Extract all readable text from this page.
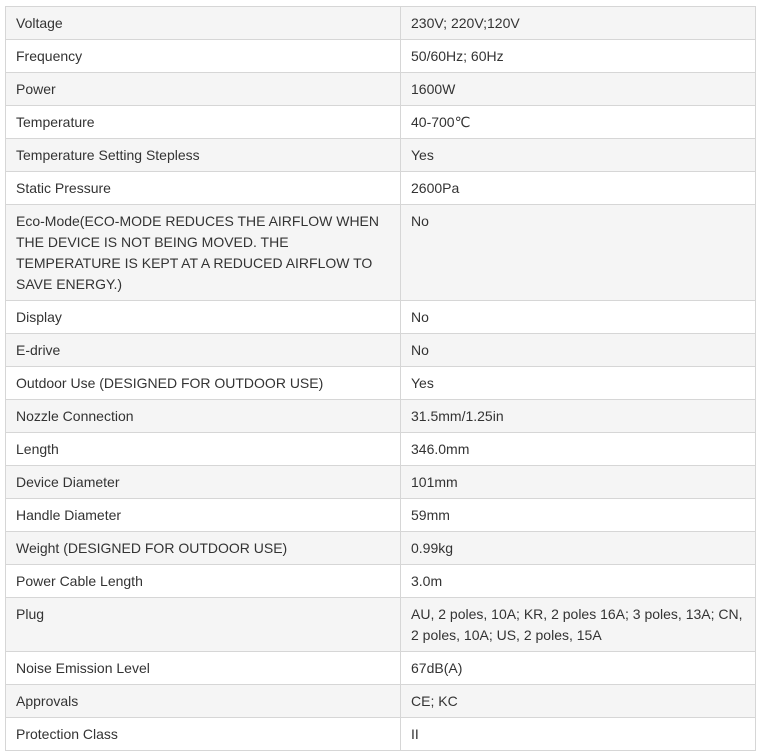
Voltage	230V; 220V;120V
Frequency	50/60Hz; 60Hz
Power	1600W
Temperature	40-700℃
Temperature Setting Stepless	Yes
Static Pressure	2600Pa
Eco-Mode(ECO-MODE REDUCES THE AIRFLOW WHEN THE DEVICE IS NOT BEING MOVED. THE TEMPERATURE IS KEPT AT A REDUCED AIRFLOW TO SAVE ENERGY.)	No
Display	No
E-drive	No
Outdoor Use (DESIGNED FOR OUTDOOR USE)	Yes
Nozzle Connection	31.5mm/1.25in
Length	346.0mm
Device Diameter	101mm
Handle Diameter	59mm
Weight (DESIGNED FOR OUTDOOR USE)	0.99kg
Power Cable Length	3.0m
Plug	AU, 2 poles, 10A; KR, 2 poles 16A; 3 poles, 13A; CN, 2 poles, 10A; US, 2 poles, 15A
Noise Emission Level	67dB(A)
Approvals	CE; KC
Protection Class	II
